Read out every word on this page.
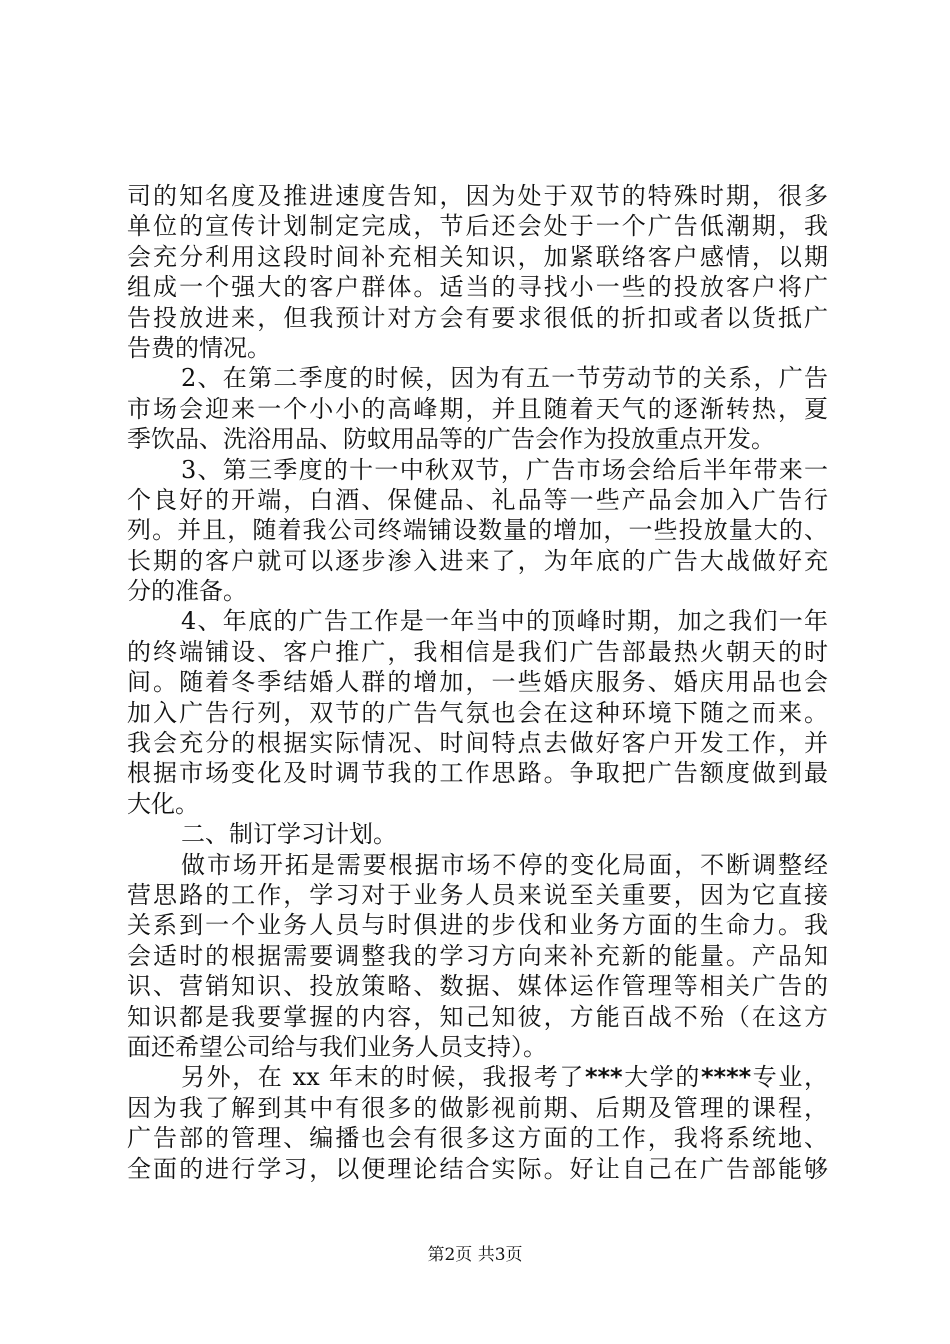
司的知名度及推进速度告知，因为处于双节的特殊时期，很多
单位的宣传计划制定完成，节后还会处于一个广告低潮期，我
会充分利用这段时间补充相关知识，加紧联络客户感情，以期
组成一个强大的客户群体。适当的寻找小一些的投放客户将广
告投放进来，但我预计对方会有要求很低的折扣或者以货抵广
告费的情况。
2、在第二季度的时候，因为有五一节劳动节的关系，广告
市场会迎来一个小小的高峰期，并且随着天气的逐渐转热，夏
季饮品、洗浴用品、防蚊用品等的广告会作为投放重点开发。
3、第三季度的十一中秋双节，广告市场会给后半年带来一
个良好的开端，白酒、保健品、礼品等一些产品会加入广告行
列。并且，随着我公司终端铺设数量的增加，一些投放量大的、
长期的客户就可以逐步渗入进来了，为年底的广告大战做好充
分的准备。
4、年底的广告工作是一年当中的顶峰时期，加之我们一年
的终端铺设、客户推广，我相信是我们广告部最热火朝天的时
间。随着冬季结婚人群的增加，一些婚庆服务、婚庆用品也会
加入广告行列，双节的广告气氛也会在这种环境下随之而来。
我会充分的根据实际情况、时间特点去做好客户开发工作，并
根据市场变化及时调节我的工作思路。争取把广告额度做到最
大化。
二、制订学习计划。
做市场开拓是需要根据市场不停的变化局面，不断调整经
营思路的工作，学习对于业务人员来说至关重要，因为它直接
关系到一个业务人员与时俱进的步伐和业务方面的生命力。我
会适时的根据需要调整我的学习方向来补充新的能量。产品知
识、营销知识、投放策略、数据、媒体运作管理等相关广告的
知识都是我要掌握的内容，知己知彼，方能百战不殆（在这方
面还希望公司给与我们业务人员支持）。
另外，在 xx 年末的时候，我报考了***大学的****专业，
因为我了解到其中有很多的做影视前期、后期及管理的课程，
广告部的管理、编播也会有很多这方面的工作，我将系统地、
全面的进行学习，以便理论结合实际。好让自己在广告部能够
第2页 共3页
